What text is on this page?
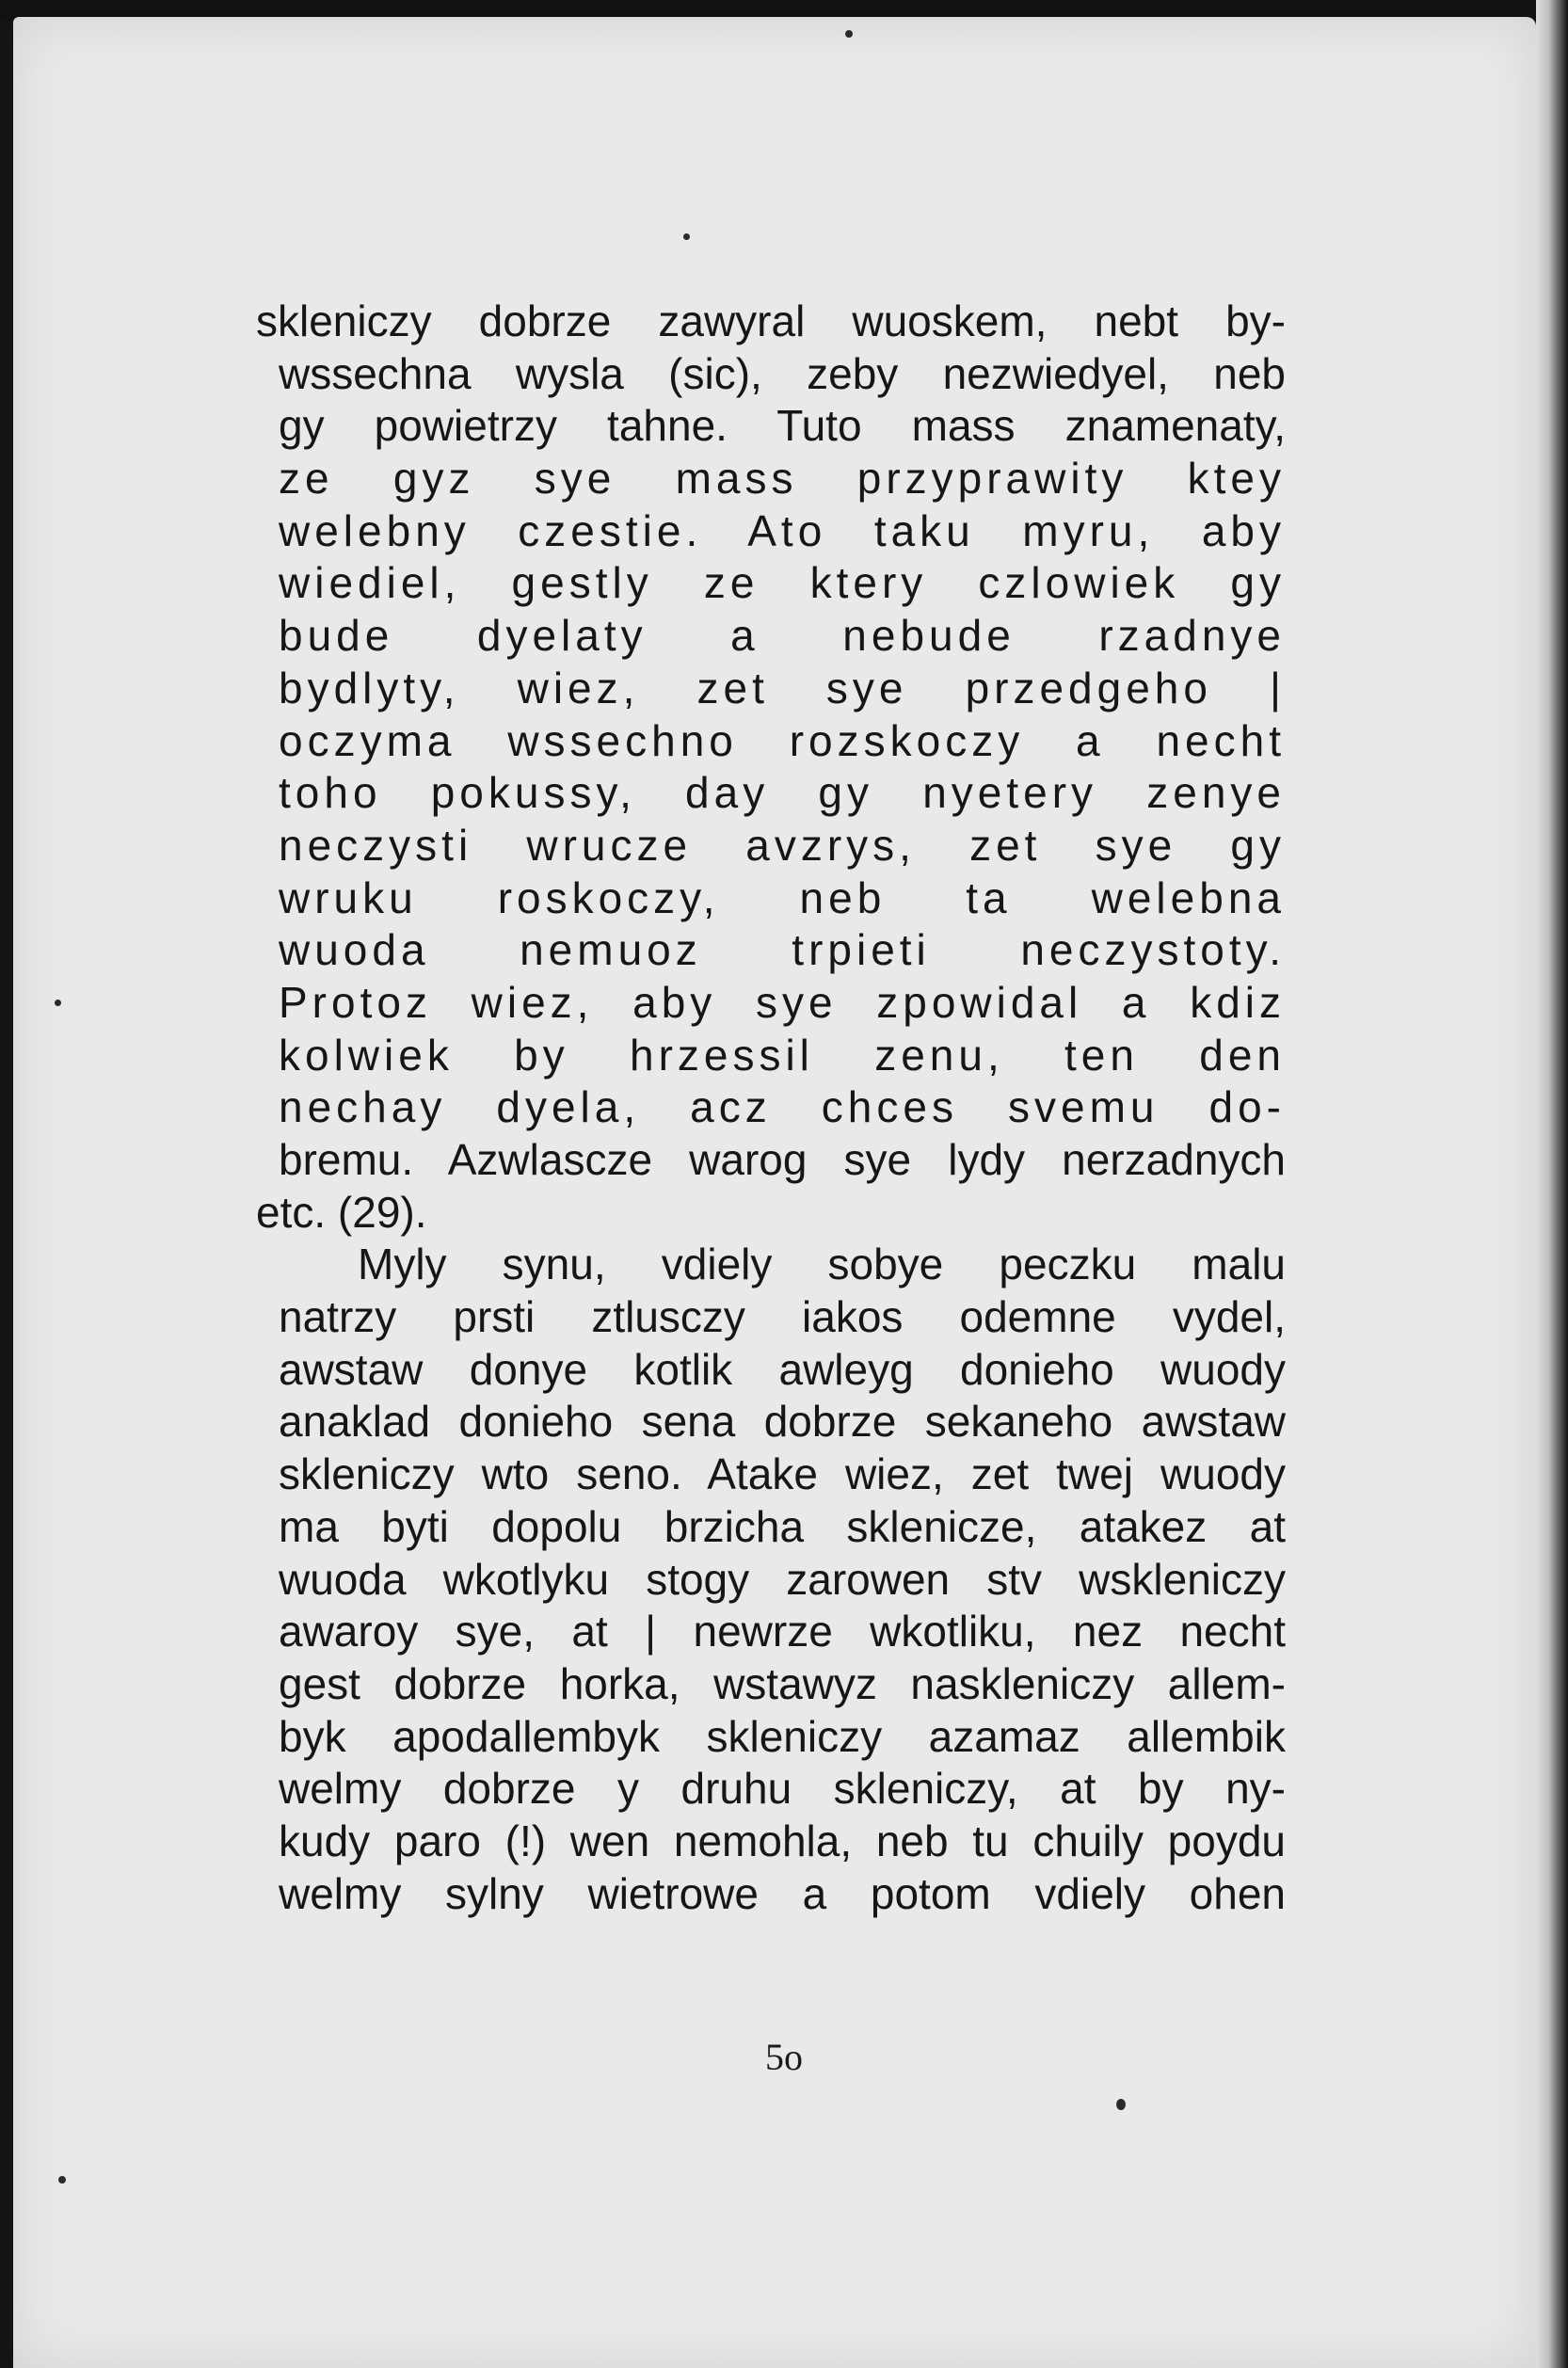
skleniczy dobrze zawyral wuoskem, nebt by-
wssechna wysla (sic), zeby nezwiedyel, neb
gy powietrzy tahne. Tuto mass znamenaty,
ze gyz sye mass przyprawity ktey
welebny czestie. Ato taku myru, aby
wiediel, gestly ze ktery czlowiek gy
bude dyelaty a nebude rzadnye
bydlyty, wiez, zet sye przedgeho |
oczyma wssechno rozskoczy a necht
toho pokussy, day gy nyetery zenye
neczysti wrucze avzrys, zet sye gy
wruku roskoczy, neb ta welebna
wuoda nemuoz trpieti neczystoty.
Protoz wiez, aby sye zpowidal a kdiz
kolwiek by hrzessil zenu, ten den
nechay dyela, acz chces svemu do-
bremu. Azwlascze warog sye lydy nerzadnych
etc. (29).
Myly synu, vdiely sobye peczku malu
natrzy prsti ztlusczy iakos odemne vydel,
awstaw donye kotlik awleyg donieho wuody
anaklad donieho sena dobrze sekaneho awstaw
skleniczy wto seno. Atake wiez, zet twej wuody
ma byti dopolu brzicha sklenicze, atakez at
wuoda wkotlyku stogy zarowen stv wskleniczy
awaroy sye, at | newrze wkotliku, nez necht
gest dobrze horka, wstawyz naskleniczy allem-
byk apodallembyk skleniczy azamaz allembik
welmy dobrze y druhu skleniczy, at by ny-
kudy paro (!) wen nemohla, neb tu chuily poydu
welmy sylny wietrowe a potom vdiely ohen
5o
